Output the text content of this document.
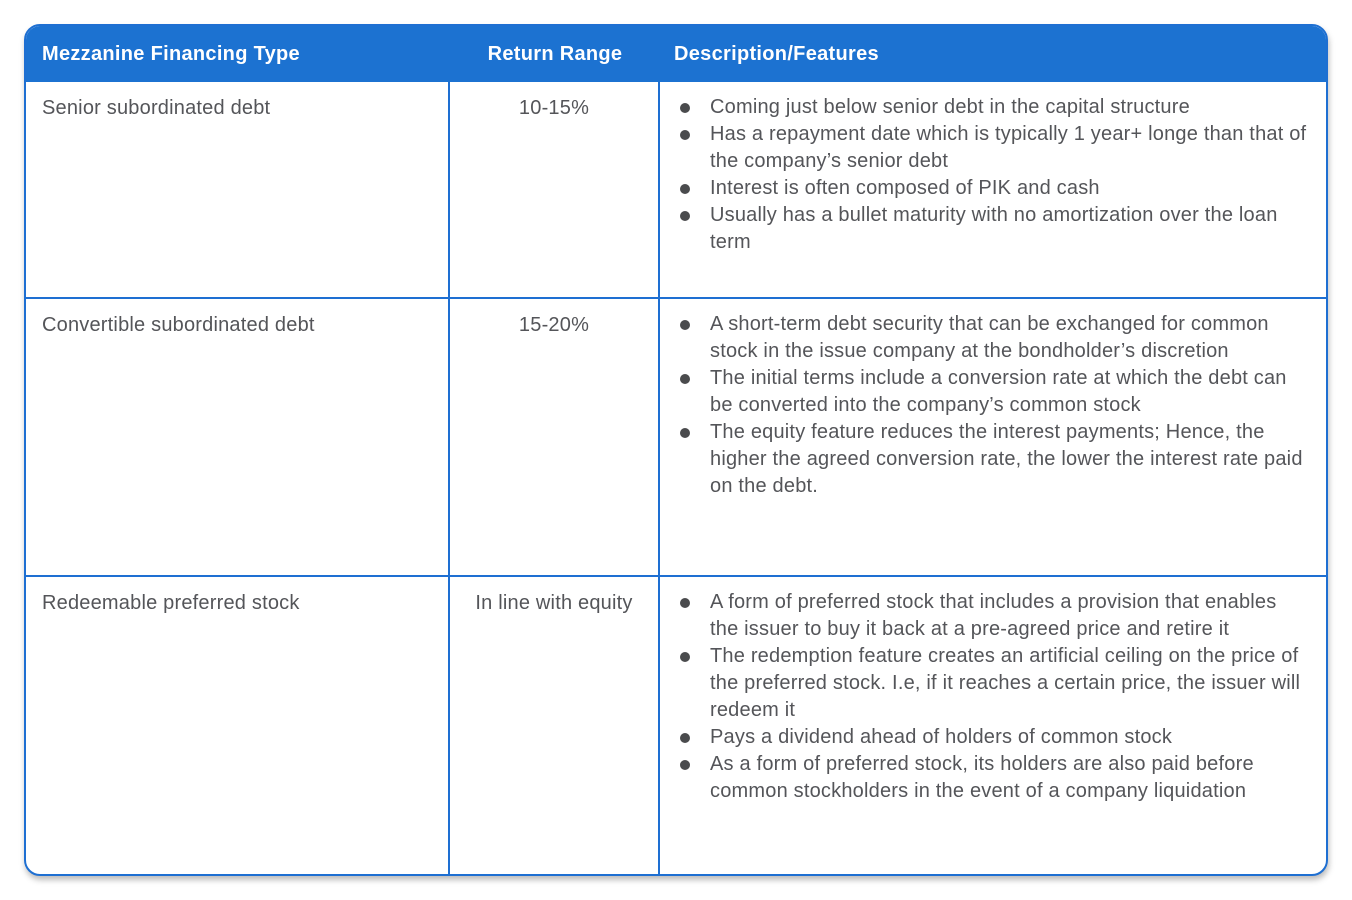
Mezzanine Financing Type	Return Range	Description/Features
Senior subordinated debt	10-15%	Coming just below senior debt in the capital structure
Has a repayment date which is typically 1 year+ longe than that of the company’s senior debt
Interest is often composed of PIK and cash
Usually has a bullet maturity with no amortization over the loan term
Convertible subordinated debt	15-20%	A short-term debt security that can be exchanged for common stock in the issue company at the bondholder’s discretion
The initial terms include a conversion rate at which the debt can be converted into the company’s common stock
The equity feature reduces the interest payments; Hence, the higher the agreed conversion rate, the lower the interest rate paid on the debt.
Redeemable preferred stock	In line with equity	A form of preferred stock that includes a provision that enables the issuer to buy it back at a pre-agreed price and retire it
The redemption feature creates an artificial ceiling on the price of the preferred stock. I.e, if it reaches a certain price, the issuer will redeem it
Pays a dividend ahead of holders of common stock
As a form of preferred stock, its holders are also paid before common stockholders in the event of a company liquidation
